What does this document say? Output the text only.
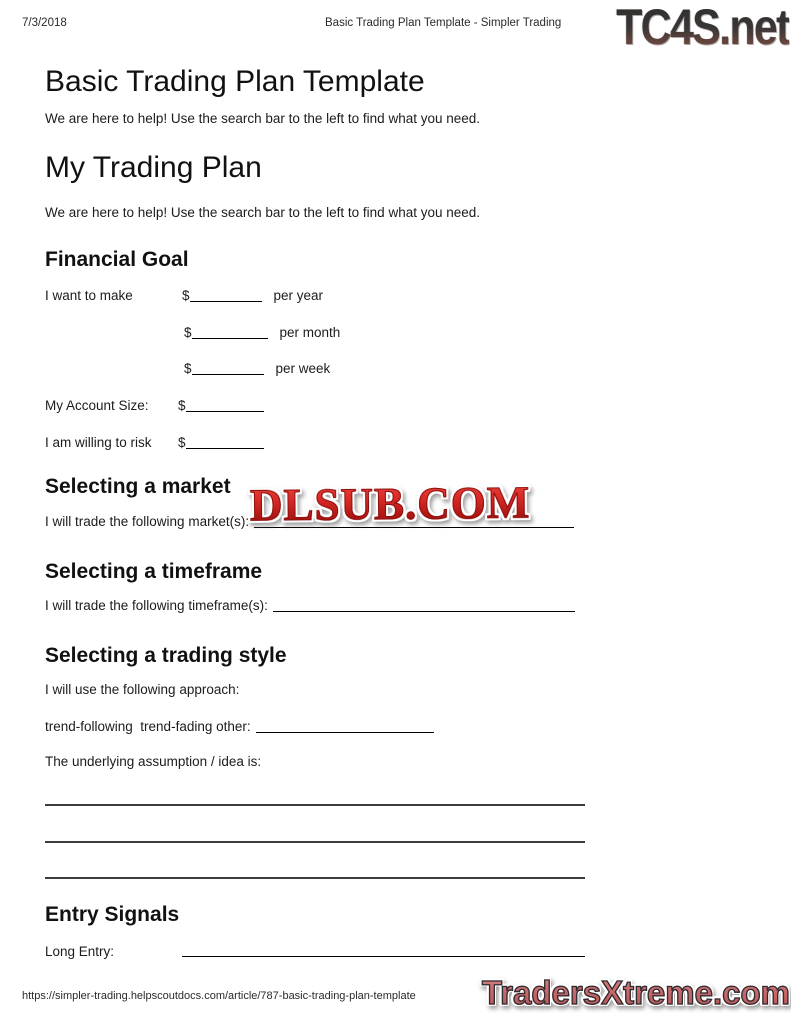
7/3/2018	Basic Trading Plan Template - Simpler Trading TC4S.net
Basic Trading Plan Template
We are here to help! Use the search bar to the left to find what you need.
My Trading Plan
We are here to help! Use the search bar to the left to find what you need.
Financial Goal
I want to make	$	per year
$	per month
$	per week
My Account Size: $
I am willing to risk $
Selecting a market
I will trade the following market(s): DLSUB.COM
Selecting a timeframe
I will trade the following timeframe(s):
Selecting a trading style
I will use the following approach:
trend-following  trend-fading other:
The underlying assumption / idea is:
Entry Signals
Long Entry:
https://simpler-trading.helpscoutdocs.com/article/787-basic-trading-plan-template TradersXtreme.com
